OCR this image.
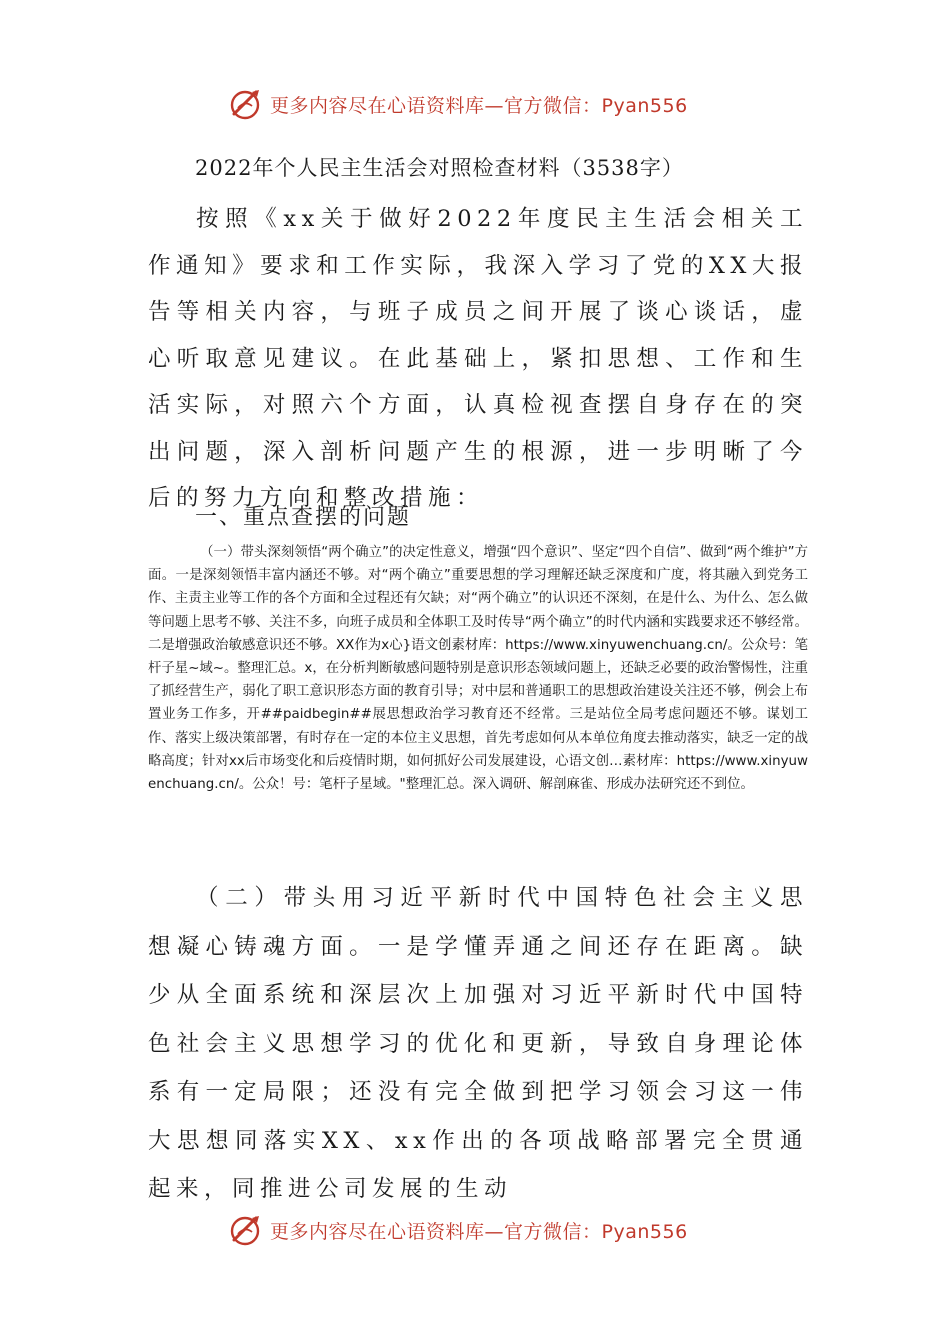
更多内容尽在心语资料库—官方微信：Pyan556
2022年个人民主生活会对照检查材料（3538字）

按照《xx关于做好2022年度民主生活会相关工作通知》要求和工作实际，我深入学习了党的XX大报告等相关内容，与班子成员之间开展了谈心谈话，虚心听取意见建议。在此基础上，紧扣思想、工作和生活实际，对照六个方面，认真检视查摆自身存在的突出问题，深入剖析问题产生的根源，进一步明晰了今后的努力方向和整改措施：

一、重点查摆的问题

（一）带头深刻领悟“两个确立”的决定性意义，增强“四个意识”、坚定“四个自信”、做到“两个维护”方面。一是深刻领悟丰富内涵还不够。对“两个确立”重要思想的学习理解还缺乏深度和广度，将其融入到党务工作、主责主业等工作的各个方面和全过程还有欠缺；对“两个确立”的认识还不深刻，在是什么、为什么、怎么做等问题上思考不够、关注不多，向班子成员和全体职工及时传导“两个确立”的时代内涵和实践要求还不够经常。二是增强政治敏感意识还不够。XX作为x心}语文创素材库：https://www.xinyuwenchuang.cn/。公众号：笔杆子星~域~。整理汇总。x，在分析判断敏感问题特别是意识形态领域问题上，还缺乏必要的政治警惕性，注重了抓经营生产，弱化了职工意识形态方面的教育引导；对中层和普通职工的思想政治建设关注还不够，例会上布置业务工作多，开##paidbegin##展思想政治学习教育还不经常。三是站位全局考虑问题还不够。谋划工作、落实上级决策部署，有时存在一定的本位主义思想，首先考虑如何从本单位角度去推动落实，缺乏一定的战略高度；针对xx后市场变化和后疫情时期，如何抓好公司发展建设，心语文创…素材库：https://www.xinyuwenchuang.cn/。公众！号：笔杆子星域。"整理汇总。深入调研、解剖麻雀、形成办法研究还不到位。

（二）带头用习近平新时代中国特色社会主义思想凝心铸魂方面。一是学懂弄通之间还存在距离。缺少从全面系统和深层次上加强对习近平新时代中国特色社会主义思想学习的优化和更新，导致自身理论体系有一定局限；还没有完全做到把学习领会习这一伟大思想同落实XX、xx作出的各项战略部署完全贯通起来，同推进公司发展的生动

更多内容尽在心语资料库—官方微信：Pyan556
